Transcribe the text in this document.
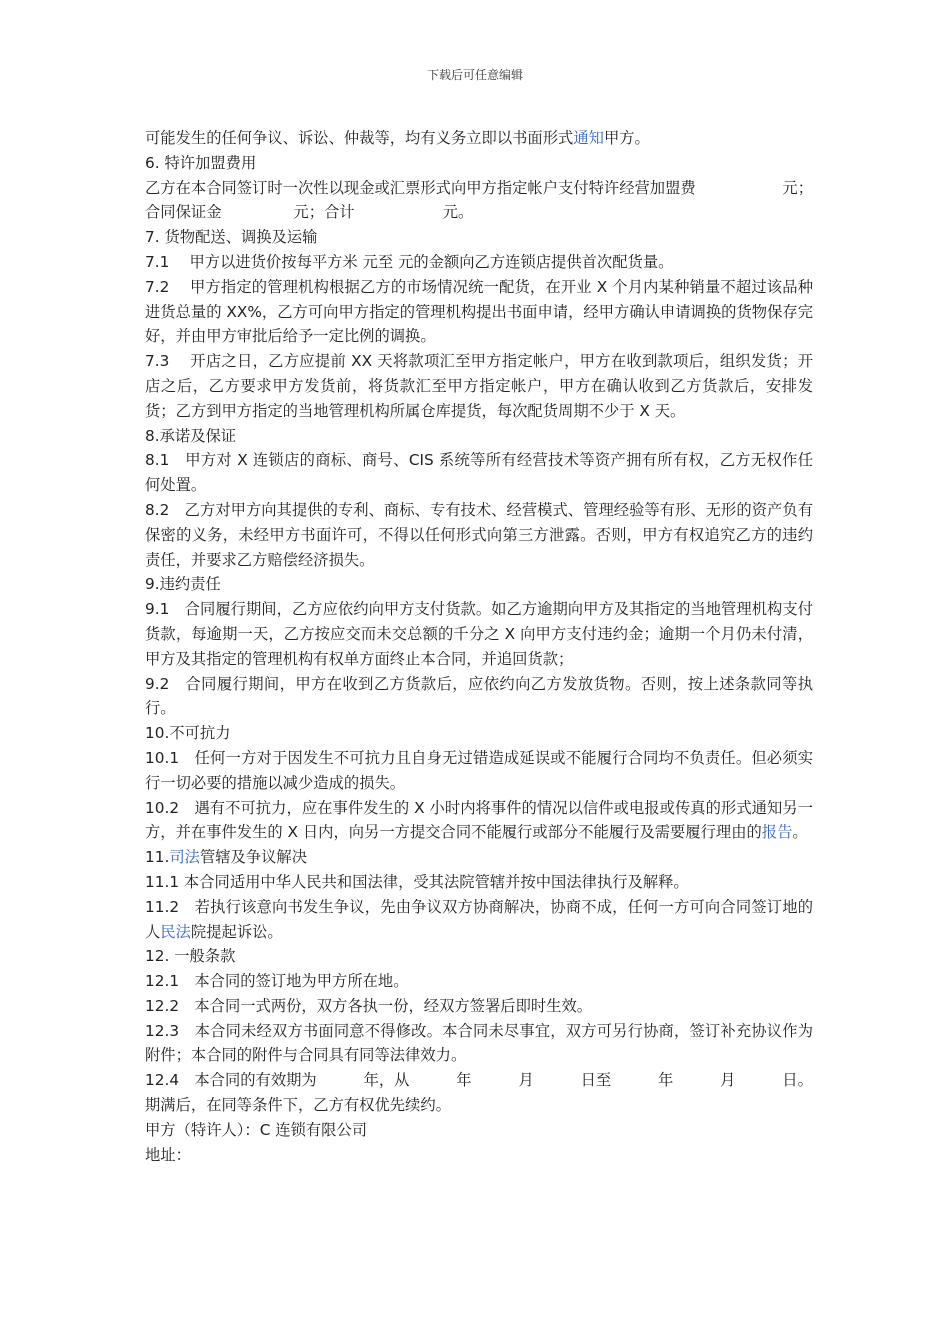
下载后可任意编辑

可能发生的任何争议、诉讼、仲裁等，均有义务立即以书面形式通知甲方。

6. 特许加盟费用

乙方在本合同签订时一次性以现金或汇票形式向甲方指定帐户支付特许经营加盟费	元；

合同保证金	元；合计	元。

7. 货物配送、调换及运输

7.1　 甲方以进货价按每平方米 元至 元的金额向乙方连锁店提供首次配货量。

7.2　 甲方指定的管理机构根据乙方的市场情况统一配货，在开业 X 个月内某种销量不超过该品种进货总量的 XX%，乙方可向甲方指定的管理机构提出书面申请，经甲方确认申请调换的货物保存完好，并由甲方审批后给予一定比例的调换。

7.3　 开店之日，乙方应提前 XX 天将款项汇至甲方指定帐户，甲方在收到款项后，组织发货；开店之后，乙方要求甲方发货前，将货款汇至甲方指定帐户，甲方在确认收到乙方货款后，安排发货；乙方到甲方指定的当地管理机构所属仓库提货，每次配货周期不少于 X 天。

8.承诺及保证

8.1　甲方对 X 连锁店的商标、商号、CIS 系统等所有经营技术等资产拥有所有权，乙方无权作任何处置。

8.2　乙方对甲方向其提供的专利、商标、专有技术、经营模式、管理经验等有形、无形的资产负有保密的义务，未经甲方书面许可，不得以任何形式向第三方泄露。否则，甲方有权追究乙方的违约责任，并要求乙方赔偿经济损失。

9.违约责任

9.1　合同履行期间，乙方应依约向甲方支付货款。如乙方逾期向甲方及其指定的当地管理机构支付货款，每逾期一天，乙方按应交而未交总额的千分之 X 向甲方支付违约金；逾期一个月仍未付清，甲方及其指定的管理机构有权单方面终止本合同，并追回货款；

9.2　合同履行期间，甲方在收到乙方货款后，应依约向乙方发放货物。否则，按上述条款同等执行。

10.不可抗力

10.1　任何一方对于因发生不可抗力且自身无过错造成延误或不能履行合同均不负责任。但必须实行一切必要的措施以减少造成的损失。

10.2　遇有不可抗力，应在事件发生的 X 小时内将事件的情况以信件或电报或传真的形式通知另一方，并在事件发生的 X 日内，向另一方提交合同不能履行或部分不能履行及需要履行理由的报告。

11.司法管辖及争议解决

11.1 本合同适用中华人民共和国法律，受其法院管辖并按中国法律执行及解释。

11.2　若执行该意向书发生争议，先由争议双方协商解决，协商不成，任何一方可向合同签订地的人民法院提起诉讼。

12. 一般条款

12.1　本合同的签订地为甲方所在地。

12.2　本合同一式两份，双方各执一份，经双方签署后即时生效。

12.3　本合同未经双方书面同意不得修改。本合同未尽事宜，双方可另行协商，签订补充协议作为附件；本合同的附件与合同具有同等法律效力。

12.4　本合同的有效期为	年，从	年	月	日至	年	月	日。

期满后，在同等条件下，乙方有权优先续约。

甲方（特许人）：C 连锁有限公司

地址：
